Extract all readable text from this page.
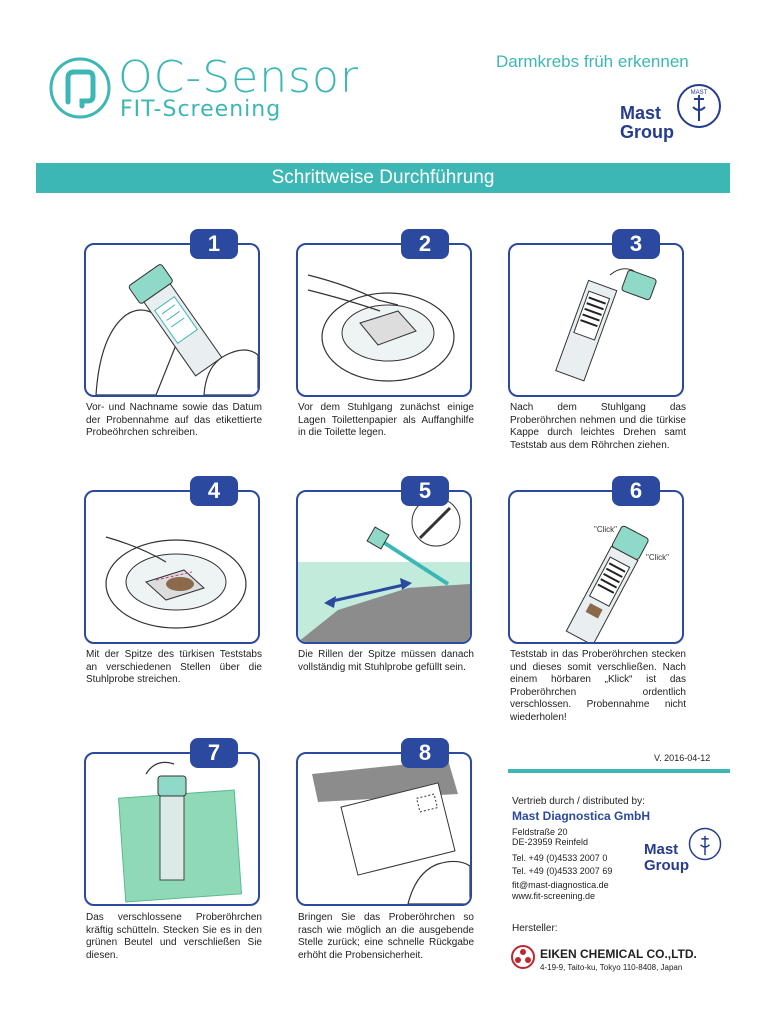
OC-Sensor
FIT-Screening
Darmkrebs früh erkennen
Mast
Group
MAST
Schrittweise Durchführung
1
Vor- und Nachname sowie das Datum der Probennahme auf das etikettierte Probeöhrchen schreiben.
2
Vor dem Stuhlgang zunächst einige Lagen Toilettenpapier als Auffanghilfe in die Toilette legen.
3
Nach dem Stuhlgang das Proberöhrchen nehmen und die türkise Kappe durch leichtes Drehen samt Teststab aus dem Röhrchen ziehen.
4
Mit der Spitze des türkisen Teststabs an verschiedenen Stellen über die Stuhlprobe streichen.
5
Die Rillen der Spitze müssen danach vollständig mit Stuhlprobe gefüllt sein.
"Click"
"Click"
6
Teststab in das Proberöhrchen stecken und dieses somit verschließen. Nach einem hörbaren „Klick“ ist das Proberöhrchen ordentlich verschlossen. Probennahme nicht wiederholen!
7
Das verschlossene Proberöhrchen kräftig schütteln. Stecken Sie es in den grünen Beutel und verschließen Sie diesen.
8
Bringen Sie das Proberöhrchen so rasch wie möglich an die ausgebende Stelle zurück; eine schnelle Rückgabe erhöht die Probensicherheit.
V. 2016-04-12
Vertrieb durch / distributed by:
Mast Diagnostica GmbH
Feldstraße 20
DE-23959 Reinfeld
Tel. +49 (0)4533 2007 0
Tel. +49 (0)4533 2007 69
fit@mast-diagnostica.de
www.fit-screening.de
Mast
Group
Hersteller:
EIKEN CHEMICAL CO.,LTD.
4-19-9, Taito-ku, Tokyo 110-8408, Japan
